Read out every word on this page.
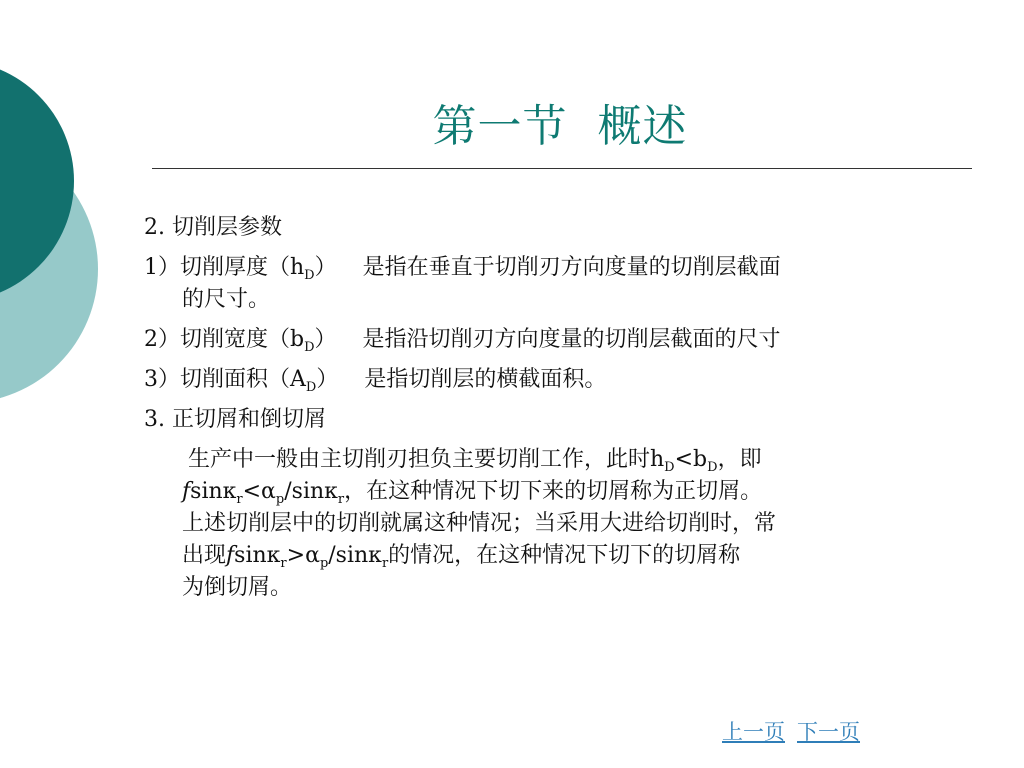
第一节  概述
2. 切削层参数
1）切削厚度$(h_D)$ 是指在垂直于切削刃方向度量的切削层截面
的尺寸。
2）切削宽度$(b_D)$ 是指沿切削刃方向度量的切削层截面的尺寸
3）切削面积$(A_D)$ 是指切削层的横截面积。
3. 正切屑和倒切屑
生产中一般由主切削刃担负主要切削工作，此时$h_D<b_D$，即
$fsin\kappa_r<\alpha_p/\sin\kappa_r$，在这种情况下切下来的切屑称为正切屑。
上述切削层中的切削就属这种情况；当采用大进给切削时，常
出现$fsin\kappa_r>\alpha_p/\sin\kappa_r$的情况，在这种情况下切下的切屑称
为倒切屑。
上一页 下一页
